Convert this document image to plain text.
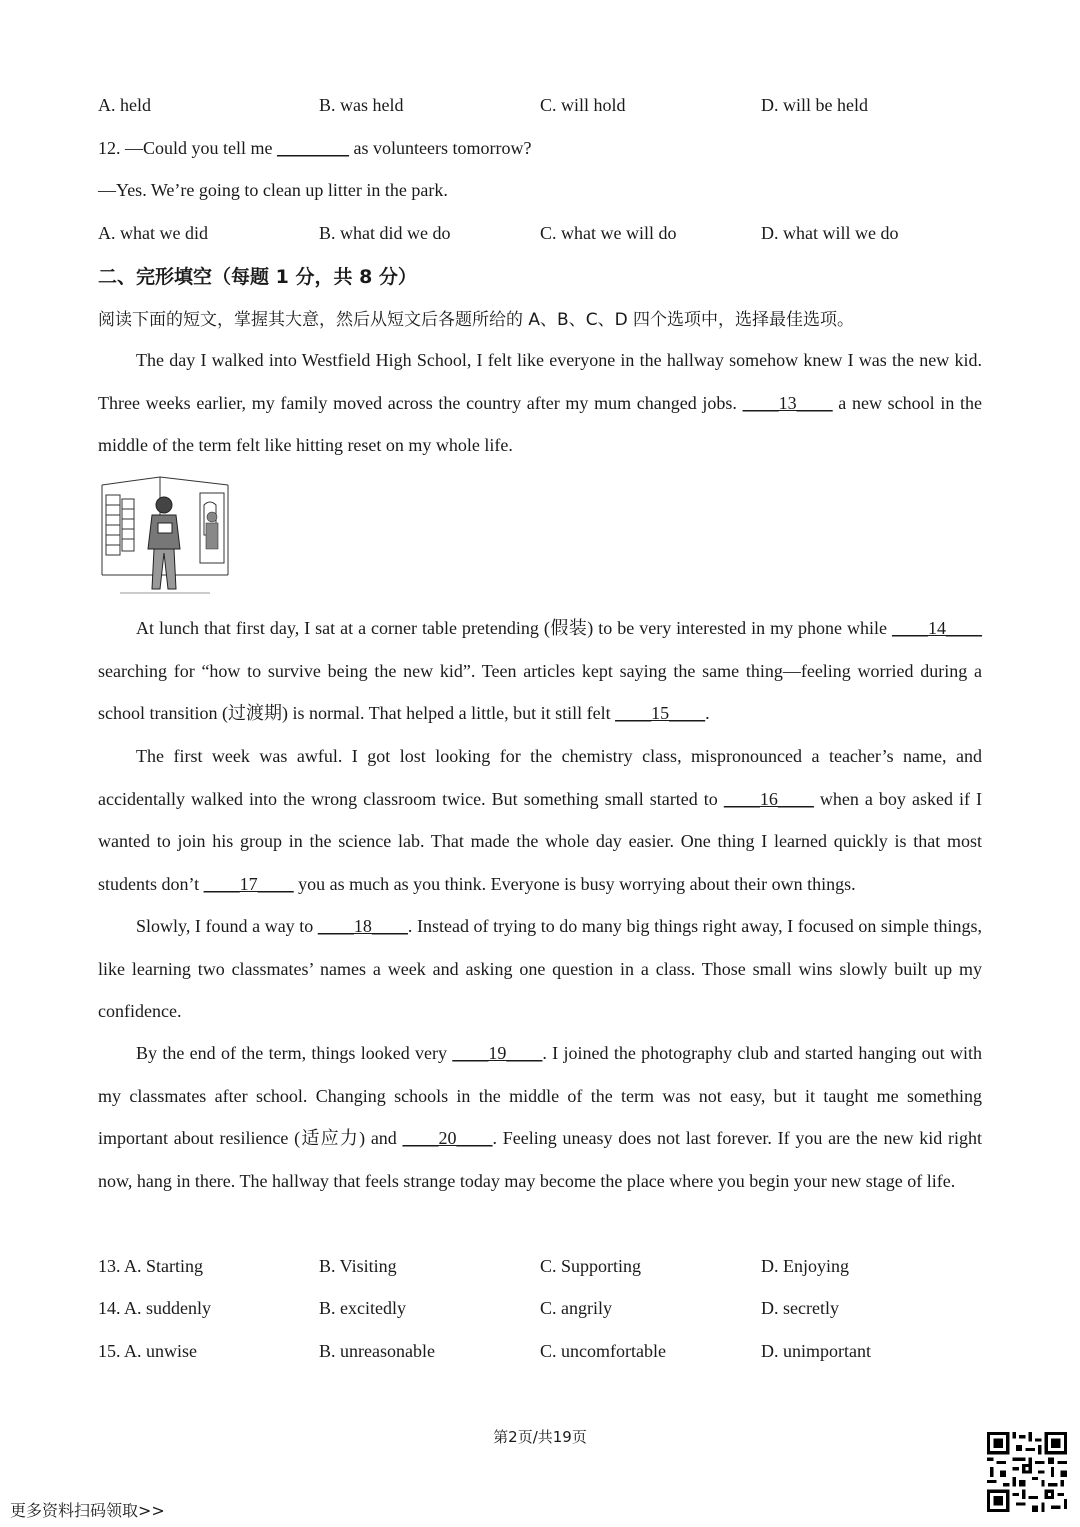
A. held	B. was held	C. will hold	D. will be held
12. —Could you tell me ________ as volunteers tomorrow?
—Yes. We’re going to clean up litter in the park.
A. what we did	B. what did we do	C. what we will do	D. what will we do
二、完形填空（每题 1 分，共 8 分）
阅读下面的短文，掌握其大意，然后从短文后各题所给的 A、B、C、D 四个选项中，选择最佳选项。

The day I walked into Westfield High School, I felt like everyone in the hallway somehow knew I was the new kid. Three weeks earlier, my family moved across the country after my mum changed jobs. ____13____ a new school in the middle of the term felt like hitting reset on my whole life.

At lunch that first day, I sat at a corner table pretending (假装) to be very interested in my phone while ____14____ searching for “how to survive being the new kid”. Teen articles kept saying the same thing—feeling worried during a school transition (过渡期) is normal. That helped a little, but it still felt ____15____.

The first week was awful. I got lost looking for the chemistry class, mispronounced a teacher’s name, and accidentally walked into the wrong classroom twice. But something small started to ____16____ when a boy asked if I wanted to join his group in the science lab. That made the whole day easier. One thing I learned quickly is that most students don’t ____17____ you as much as you think. Everyone is busy worrying about their own things.

Slowly, I found a way to ____18____. Instead of trying to do many big things right away, I focused on simple things, like learning two classmates’ names a week and asking one question in a class. Those small wins slowly built up my confidence.

By the end of the term, things looked very ____19____. I joined the photography club and started hanging out with my classmates after school. Changing schools in the middle of the term was not easy, but it taught me something important about resilience (适应力) and ____20____. Feeling uneasy does not last forever. If you are the new kid right now, hang in there. The hallway that feels strange today may become the place where you begin your new stage of life.

13. A. Starting	B. Visiting	C. Supporting	D. Enjoying
14. A. suddenly	B. excitedly	C. angrily	D. secretly
15. A. unwise	B. unreasonable	C. uncomfortable	D. unimportant
第2页/共19页
更多资料扫码领取>>
